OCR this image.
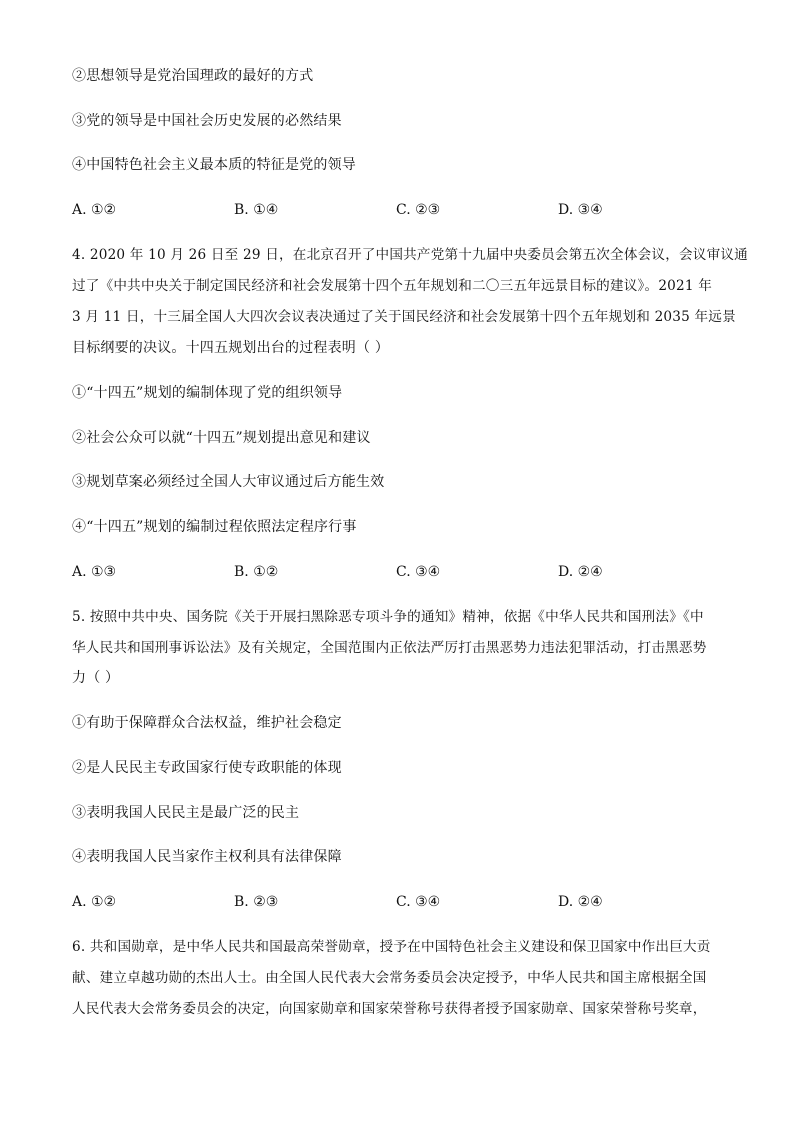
②思想领导是党治国理政的最好的方式
③党的领导是中国社会历史发展的必然结果
④中国特色社会主义最本质的特征是党的领导
A. ①②	B. ①④	C. ②③	D. ③④
4. 2020 年 10 月 26 日至 29 日，在北京召开了中国共产党第十九届中央委员会第五次全体会议，会议审议通
过了《中共中央关于制定国民经济和社会发展第十四个五年规划和二〇三五年远景目标的建议》。2021 年
3 月 11 日，十三届全国人大四次会议表决通过了关于国民经济和社会发展第十四个五年规划和 2035 年远景
目标纲要的决议。十四五规划出台的过程表明（ ）
①“十四五”规划的编制体现了党的组织领导
②社会公众可以就“十四五”规划提出意见和建议
③规划草案必须经过全国人大审议通过后方能生效
④“十四五”规划的编制过程依照法定程序行事
A. ①③	B. ①②	C. ③④	D. ②④
5. 按照中共中央、国务院《关于开展扫黑除恶专项斗争的通知》精神，依据《中华人民共和国刑法》《中
华人民共和国刑事诉讼法》及有关规定，全国范围内正依法严厉打击黑恶势力违法犯罪活动，打击黑恶势
力（ ）
①有助于保障群众合法权益，维护社会稳定
②是人民民主专政国家行使专政职能的体现
③表明我国人民民主是最广泛的民主
④表明我国人民当家作主权利具有法律保障
A. ①②	B. ②③	C. ③④	D. ②④
6. 共和国勋章，是中华人民共和国最高荣誉勋章，授予在中国特色社会主义建设和保卫国家中作出巨大贡
献、建立卓越功勋的杰出人士。由全国人民代表大会常务委员会决定授予，中华人民共和国主席根据全国
人民代表大会常务委员会的决定，向国家勋章和国家荣誉称号获得者授予国家勋章、国家荣誉称号奖章，
